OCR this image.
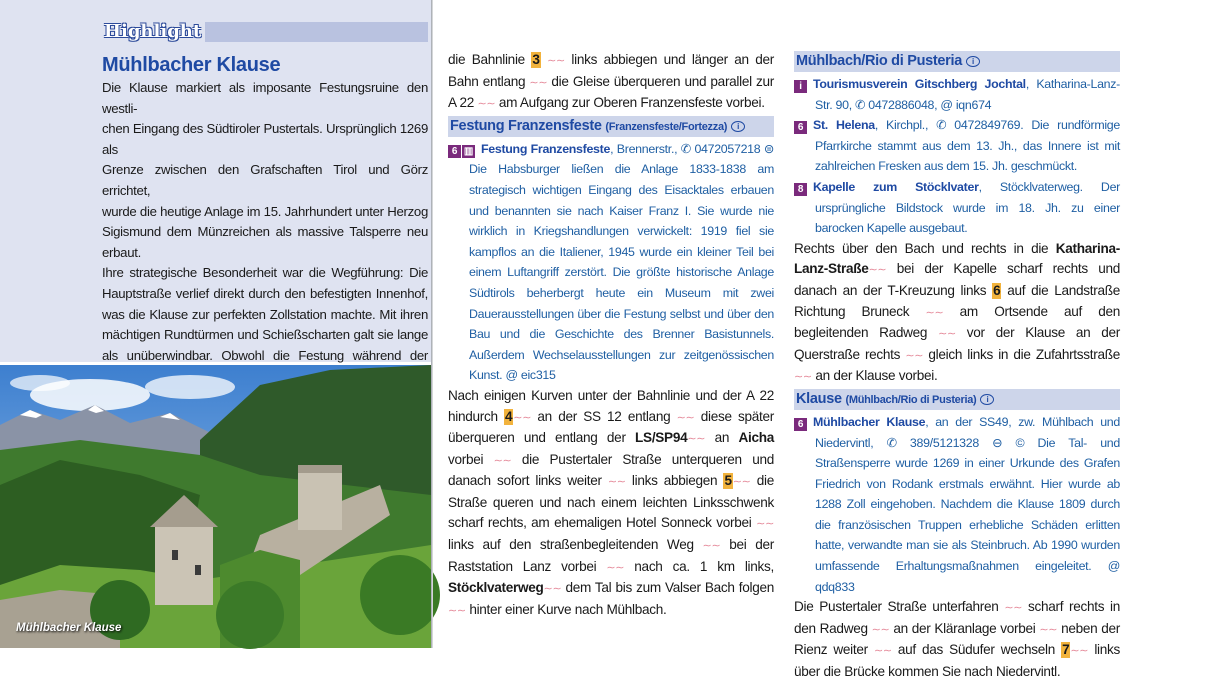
Highlight
Mühlbacher Klause
Die Klause markiert als imposante Festungsruine den westli-
chen Eingang des Südtiroler Pustertals. Ursprünglich 1269 als
Grenze zwischen den Grafschaften Tirol und Görz errichtet,
wurde die heutige Anlage im 15. Jahrhundert unter Herzog
Sigismund dem Münzreichen als massive Talsperre neu erbaut.
Ihre strategische Besonderheit war die Wegführung: Die
Hauptstraße verlief direkt durch den befestigten Innenhof,
was die Klause zur perfekten Zollstation machte. Mit ihren
mächtigen Rundtürmen und Schießscharten galt sie lange
als unüberwindbar. Obwohl die Festung während der
Mühlbacher Klause

die Bahnlinie 3 ∼∼ links abbiegen und länger an der Bahn entlang ∼∼ die Gleise überqueren und parallel zur A 22 ∼∼ am Aufgang zur Oberen Franzensfeste vorbei.

Festung Franzensfeste (Franzensfeste/Fortezza) i

6 ▥ Festung Franzensfeste, Brennerstr., ✆ 0472057218 ⊜ Die Habsburger ließen die Anlage 1833-1838 am strategisch wichtigen Eingang des Eisacktales erbauen und benannten sie nach Kaiser Franz I. Sie wurde nie wirklich in Kriegshandlungen verwickelt: 1919 fiel sie kampflos an die Italiener, 1945 wurde ein kleiner Teil bei einem Luftangriff zerstört. Die größte historische Anlage Südtirols beherbergt heute ein Museum mit zwei Dauerausstellungen über die Festung selbst und über den Bau und die Geschichte des Brenner Basistunnels. Außerdem Wechselausstellungen zur zeitgenössischen Kunst. @ eic315

Nach einigen Kurven unter der Bahnlinie und der A 22 hindurch 4∼∼ an der SS 12 entlang ∼∼ diese später überqueren und entlang der LS/SP94∼∼ an Aicha vorbei ∼∼ die Pustertaler Straße unterqueren und danach sofort links weiter ∼∼ links abbiegen 5∼∼ die Straße queren und nach einem leichten Linksschwenk scharf rechts, am ehemaligen Hotel Sonneck vorbei ∼∼ links auf den straßenbegleitenden Weg ∼∼ bei der Raststation Lanz vorbei ∼∼ nach ca. 1 km links, Stöcklvaterweg∼∼ dem Tal bis zum Valser Bach folgen ∼∼ hinter einer Kurve nach Mühlbach.

Mühlbach/Rio di Pusteria i

i Tourismusverein Gitschberg Jochtal, Katharina-Lanz-Str. 90, ✆ 0472886048, @ iqn674

6 St. Helena, Kirchpl., ✆ 0472849769. Die rundförmige Pfarrkirche stammt aus dem 13. Jh., das Innere ist mit zahlreichen Fresken aus dem 15. Jh. geschmückt.

8 Kapelle zum Stöcklvater, Stöcklvaterweg. Der ursprüngliche Bildstock wurde im 18. Jh. zu einer barocken Kapelle ausgebaut.

Rechts über den Bach und rechts in die Katharina-Lanz-Straße∼∼ bei der Kapelle scharf rechts und danach an der T-Kreuzung links 6 auf die Landstraße Richtung Bruneck ∼∼ am Ortsende auf den begleitenden Radweg ∼∼ vor der Klause an der Querstraße rechts ∼∼ gleich links in die Zufahrtsstraße ∼∼ an der Klause vorbei.

Klause (Mühlbach/Rio di Pusteria) i

6 Mühlbacher Klause, an der SS49, zw. Mühlbach und Niedervintl, ✆ 389/5121328 ⊖ © Die Tal- und Straßensperre wurde 1269 in einer Urkunde des Grafen Friedrich von Rodank erstmals erwähnt. Hier wurde ab 1288 Zoll eingehoben. Nachdem die Klause 1809 durch die französischen Truppen erhebliche Schäden erlitten hatte, verwandte man sie als Steinbruch. Ab 1990 wurden umfassende Erhaltungsmaßnahmen eingeleitet. @ qdq833

Die Pustertaler Straße unterfahren ∼∼ scharf rechts in den Radweg ∼∼ an der Kläranlage vorbei ∼∼ neben der Rienz weiter ∼∼ auf das Südufer wechseln 7∼∼ links über die Brücke kommen Sie nach Niedervintl.
